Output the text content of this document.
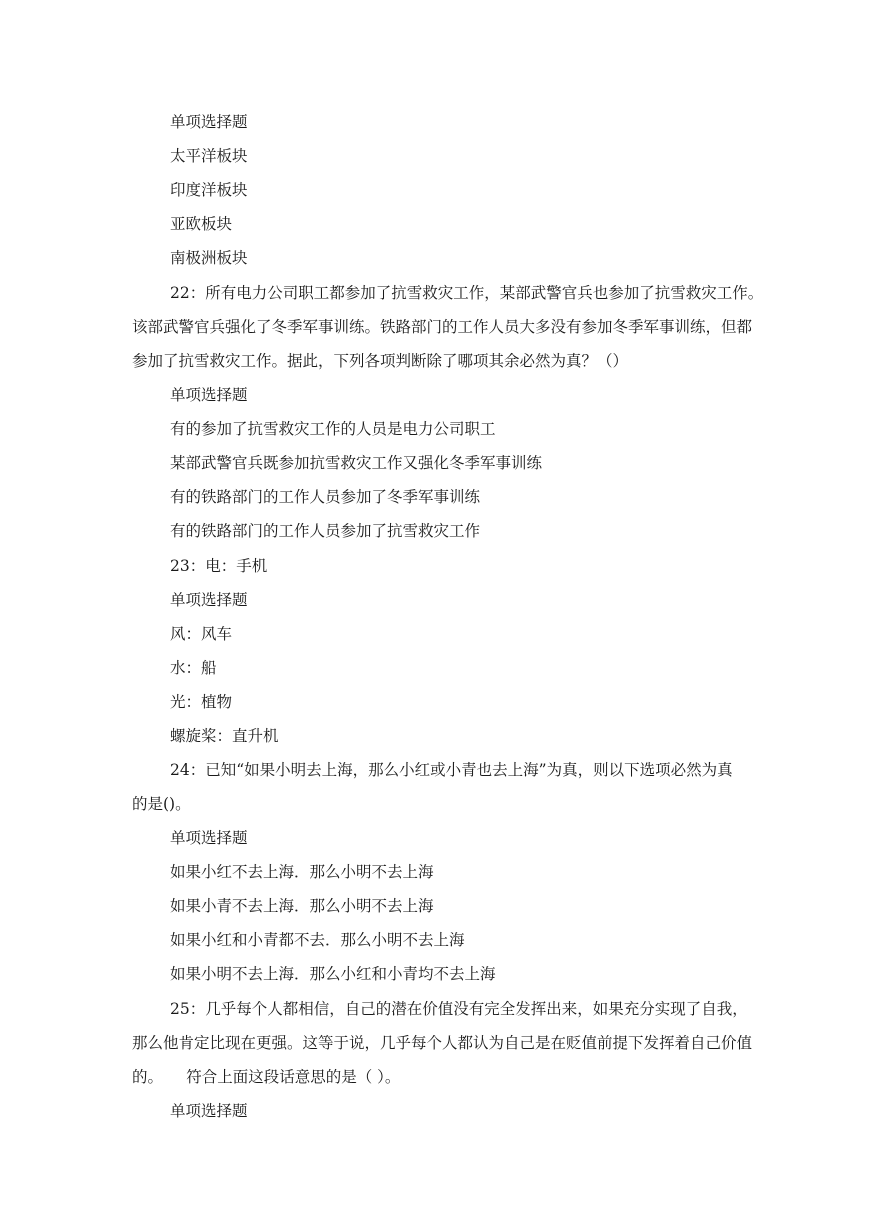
单项选择题
太平洋板块
印度洋板块
亚欧板块
南极洲板块
22：所有电力公司职工都参加了抗雪救灾工作，某部武警官兵也参加了抗雪救灾工作。
该部武警官兵强化了冬季军事训练。铁路部门的工作人员大多没有参加冬季军事训练，但都
参加了抗雪救灾工作。据此，下列各项判断除了哪项其余必然为真？（）
单项选择题
有的参加了抗雪救灾工作的人员是电力公司职工
某部武警官兵既参加抗雪救灾工作又强化冬季军事训练
有的铁路部门的工作人员参加了冬季军事训练
有的铁路部门的工作人员参加了抗雪救灾工作
23：电：手机
单项选择题
风：风车
水：船
光：植物
螺旋桨：直升机
24：已知“如果小明去上海，那么小红或小青也去上海”为真，则以下选项必然为真
的是()。
单项选择题
如果小红不去上海．那么小明不去上海
如果小青不去上海．那么小明不去上海
如果小红和小青都不去．那么小明不去上海
如果小明不去上海．那么小红和小青均不去上海
25：几乎每个人都相信，自己的潜在价值没有完全发挥出来，如果充分实现了自我，
那么他肯定比现在更强。这等于说，几乎每个人都认为自己是在贬值前提下发挥着自己价值
的。　　符合上面这段话意思的是（ ）。
单项选择题
